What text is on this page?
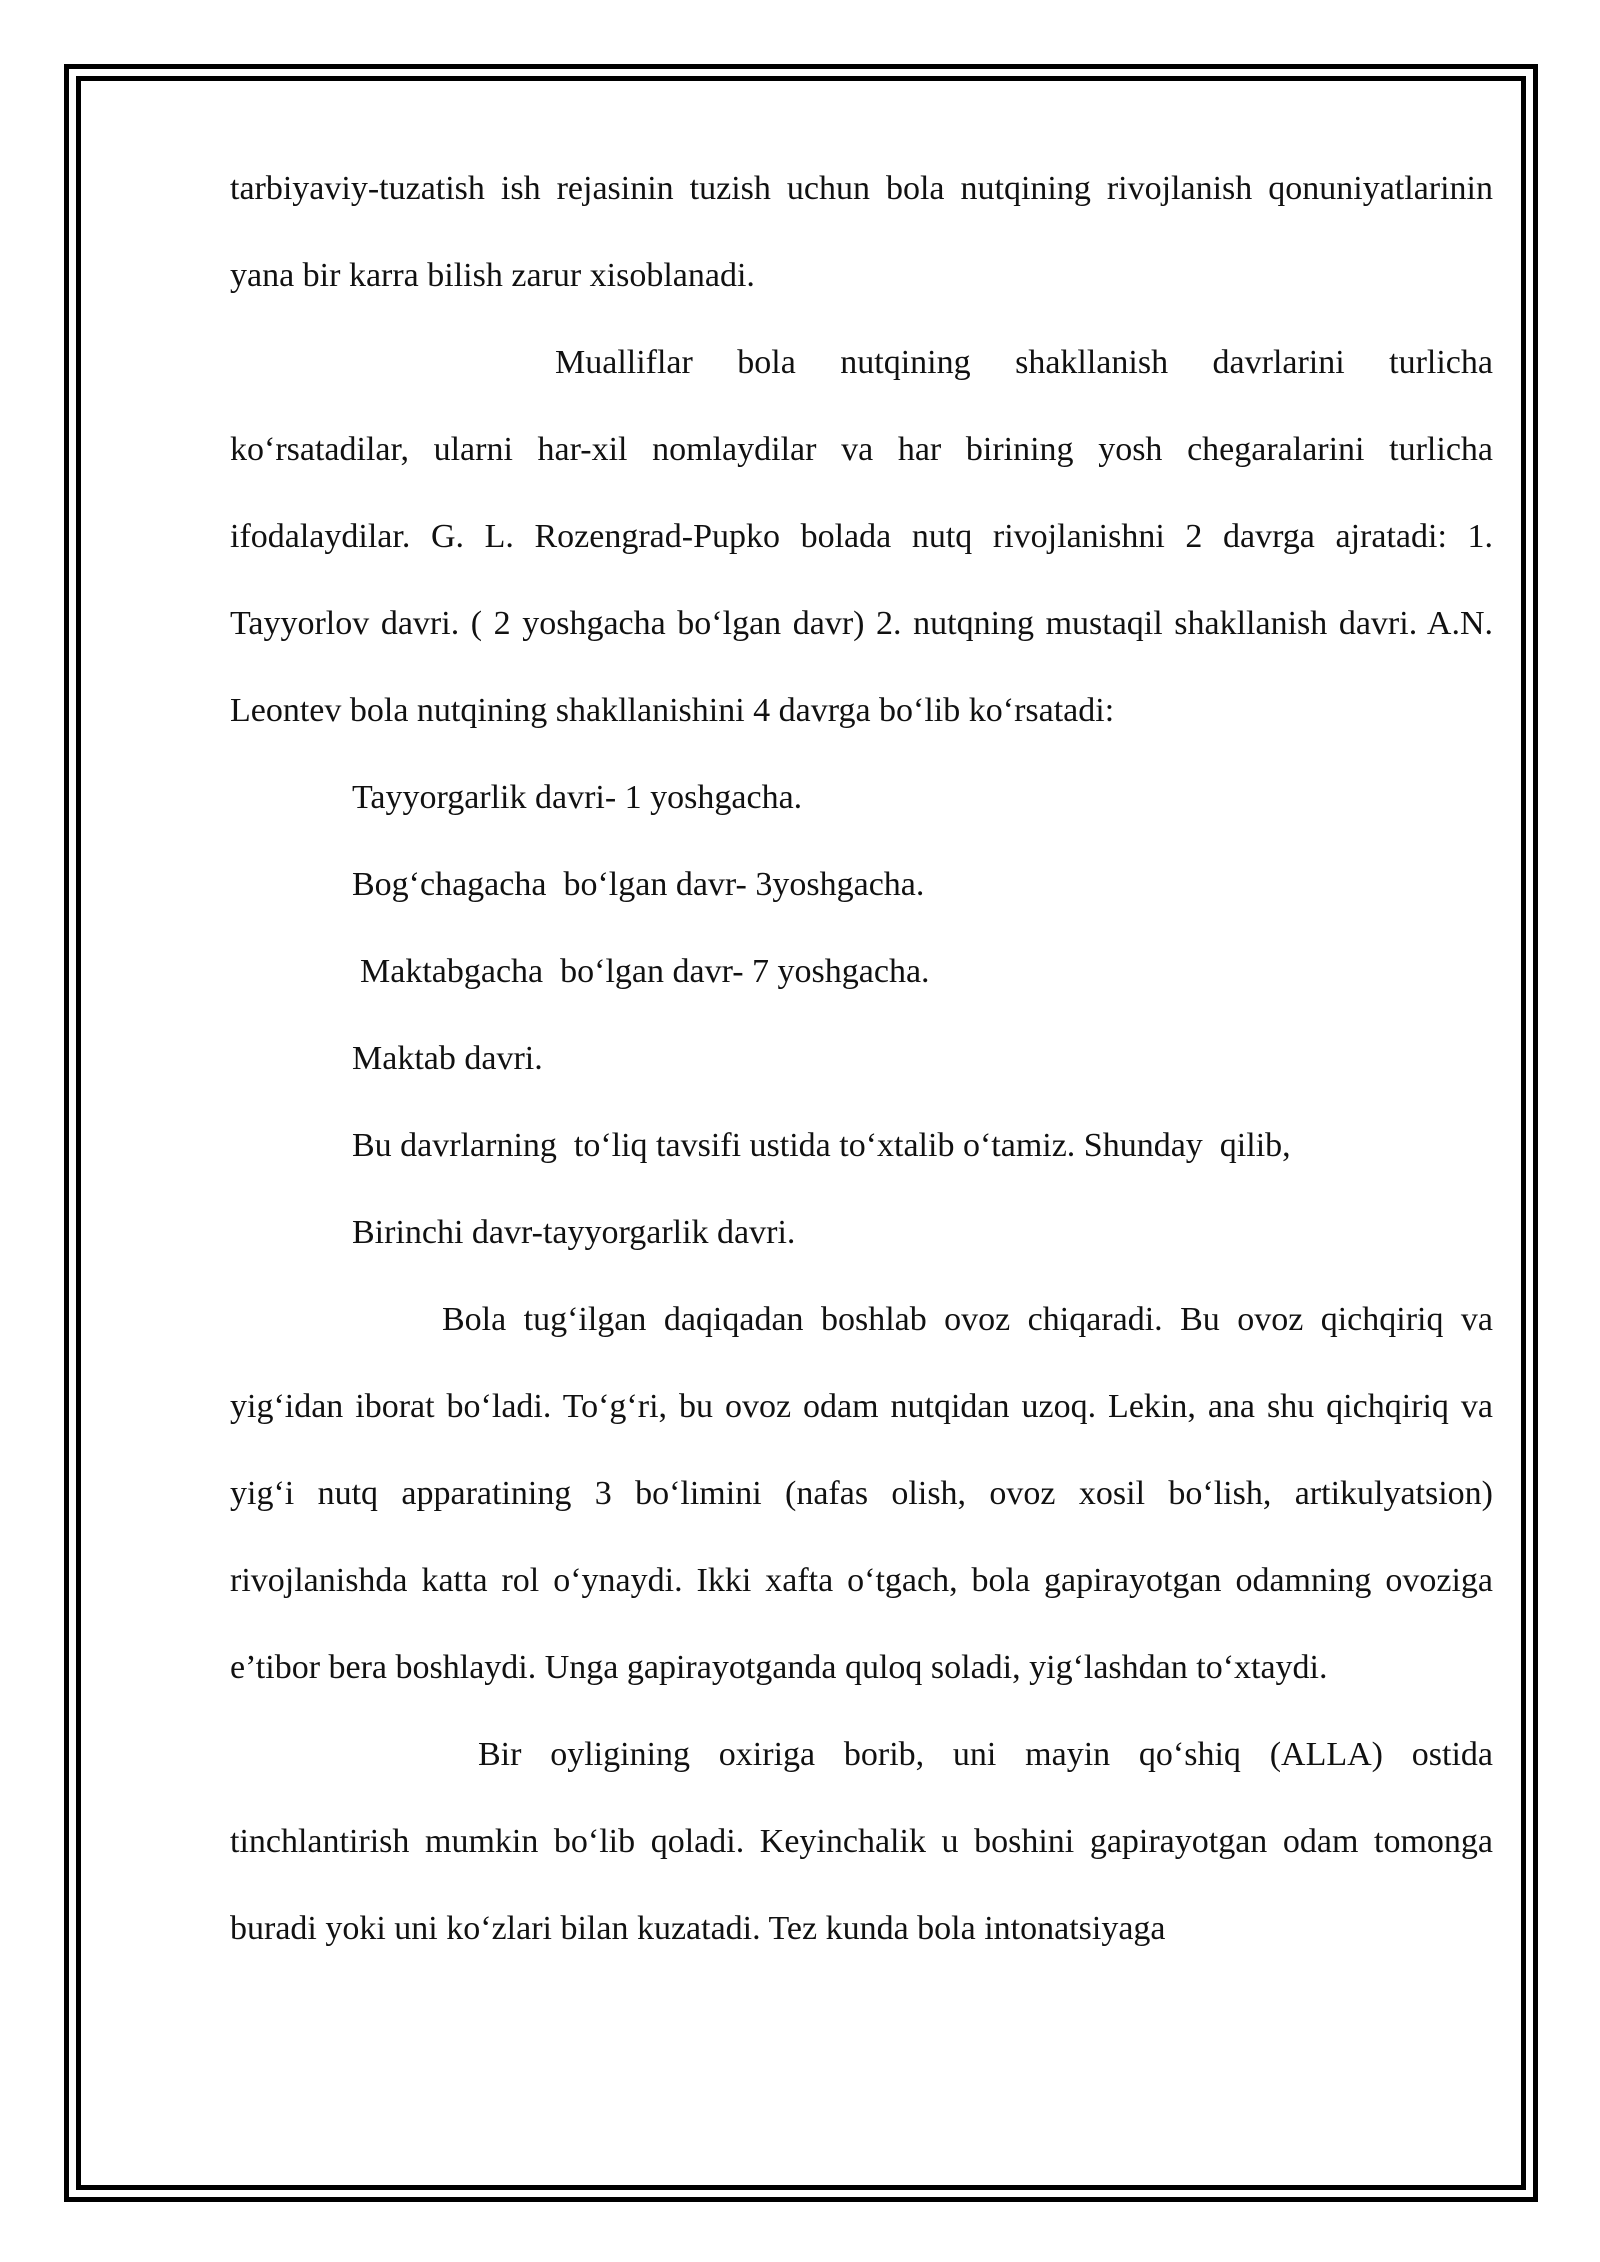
tarbiyaviy-tuzatish ish rejasinin tuzish uchun bola nutqining rivojlanish qonuniyatlarinin yana bir karra bilish zarur xisoblanadi.

Mualliflar bola nutqining shakllanish davrlarini turlicha ko‘rsatadilar, ularni har-xil nomlaydilar va har birining yosh chegaralarini turlicha ifodalaydilar. G. L. Rozengrad-Pupko bolada nutq rivojlanishni 2 davrga ajratadi: 1. Tayyorlov davri. ( 2 yoshgacha bo‘lgan davr) 2. nutqning mustaqil shakllanish davri. A.N. Leontev bola nutqining shakllanishini 4 davrga bo‘lib ko‘rsatadi:

Tayyorgarlik davri- 1 yoshgacha.

Bog‘chagacha  bo‘lgan davr- 3yoshgacha.

Maktabgacha  bo‘lgan davr- 7 yoshgacha.

Maktab davri.

Bu davrlarning  to‘liq tavsifi ustida to‘xtalib o‘tamiz. Shunday  qilib,

Birinchi davr-tayyorgarlik davri.

Bola tug‘ilgan daqiqadan boshlab ovoz chiqaradi. Bu ovoz qichqiriq va yig‘idan iborat bo‘ladi. To‘g‘ri, bu ovoz odam nutqidan uzoq. Lekin, ana shu qichqiriq va yig‘i nutq apparatining 3 bo‘limini (nafas olish, ovoz xosil bo‘lish, artikulyatsion) rivojlanishda katta rol o‘ynaydi. Ikki xafta o‘tgach, bola gapirayotgan odamning ovoziga e’tibor bera boshlaydi. Unga gapirayotganda quloq soladi, yig‘lashdan to‘xtaydi.

Bir oyligining oxiriga borib, uni mayin qo‘shiq (ALLA) ostida tinchlantirish mumkin bo‘lib qoladi. Keyinchalik u boshini gapirayotgan odam tomonga buradi yoki uni ko‘zlari bilan kuzatadi. Tez kunda bola intonatsiyaga
